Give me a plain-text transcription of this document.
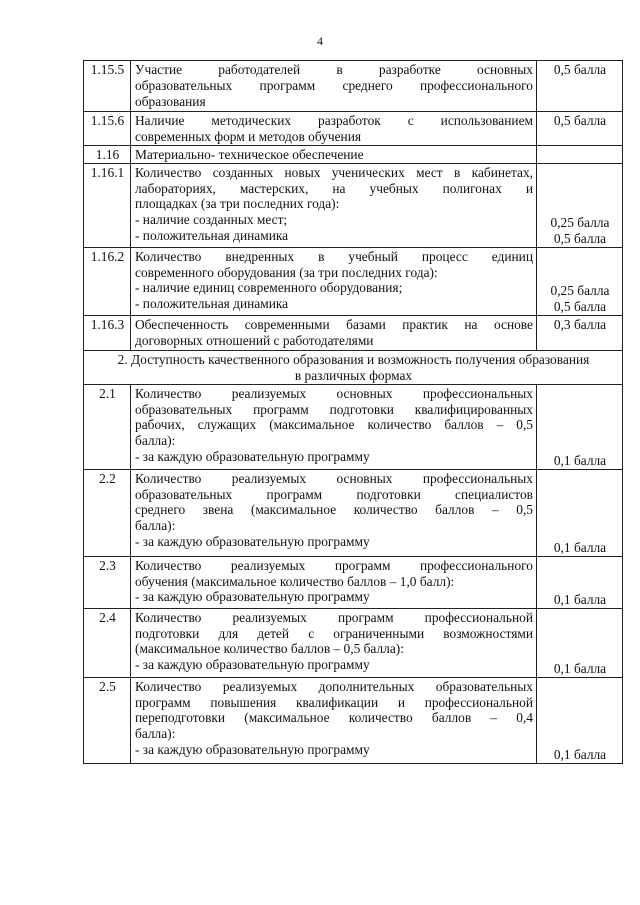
4
1.15.5	Участие работодателей в разработке основных
образовательных программ среднего профессионального
образования	0,5 балла
1.15.6	Наличие методических разработок с использованием
современных форм и методов обучения	0,5 балла
1.16	Материально- техническое обеспечение	

1.16.1	Количество созданных новых ученических мест в кабинетах,
лабораториях, мастерских, на учебных полигонах и
площадках (за три последних года):
- наличие созданных мест;
- положительная динамика	0,25 балла
0,5 балла

1.16.2	Количество внедренных в учебный процесс единиц
современного оборудования (за три последних года):
- наличие единиц современного оборудования;
- положительная динамика	0,25 балла
0,5 балла

1.16.3	Обеспеченность современными базами практик на основе
договорных отношений с работодателями	0,3 балла

2. Доступность качественного образования и возможность получения образования
в различных формах		

2.1	Количество реализуемых основных профессиональных
образовательных программ подготовки квалифицированных
рабочих, служащих (максимальное количество баллов – 0,5
балла):
- за каждую образовательную программу	0,1 балла
2.2	Количество реализуемых основных профессиональных
образовательных программ подготовки специалистов
среднего звена (максимальное количество баллов – 0,5
балла):
- за каждую образовательную программу	0,1 балла
2.3	Количество реализуемых программ профессионального
обучения (максимальное количество баллов – 1,0 балл):
- за каждую образовательную программу	0,1 балла
2.4	Количество реализуемых программ профессиональной
подготовки для детей с ограниченными возможностями
(максимальное количество баллов – 0,5 балла):
- за каждую образовательную программу	0,1 балла
2.5	Количество реализуемых дополнительных образовательных
программ повышения квалификации и профессиональной
переподготовки (максимальное количество баллов – 0,4
балла):
- за каждую образовательную программу	0,1 балла
